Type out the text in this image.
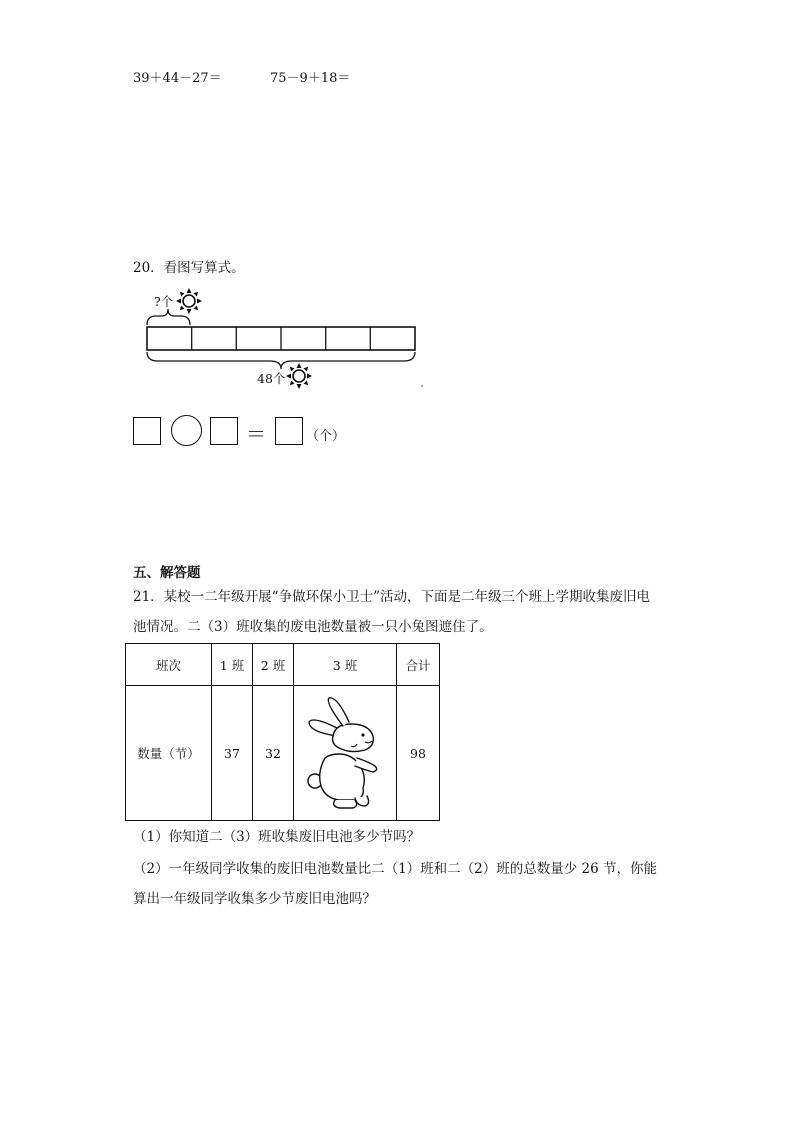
39＋44－27＝	75－9＋18＝
20．看图写算式。
?个
48个
＝	（个）
五、解答题
21．某校一二年级开展“争做环保小卫士”活动，下面是二年级三个班上学期收集废旧电
池情况。二（3）班收集的废电池数量被一只小兔图遮住了。
班次	1 班	2 班	3 班	合计
数量（节）	37	32		98
（1）你知道二（3）班收集废旧电池多少节吗？
（2）一年级同学收集的废旧电池数量比二（1）班和二（2）班的总数量少 26 节，你能
算出一年级同学收集多少节废旧电池吗？
